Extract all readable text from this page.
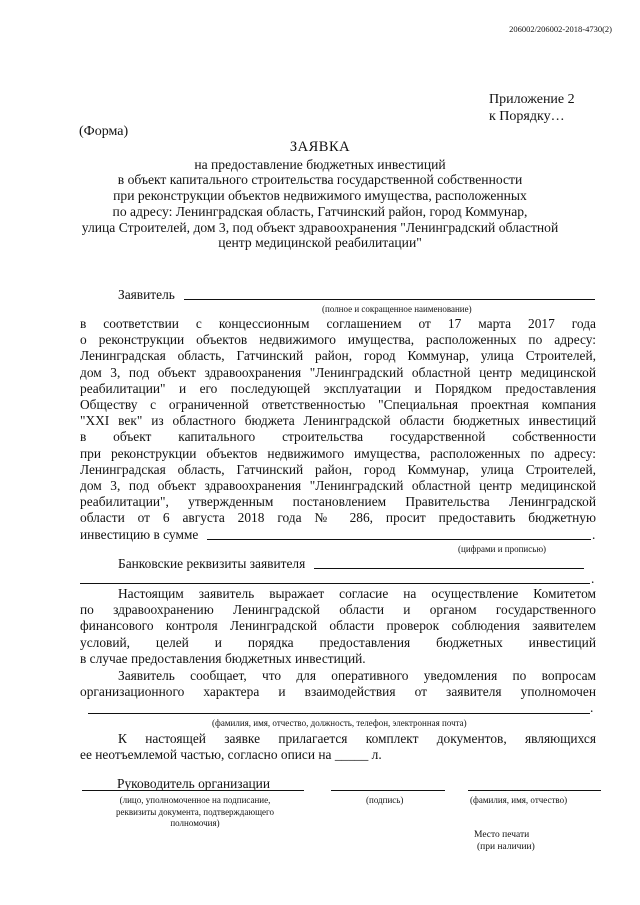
206002/206002-2018-4730(2)
Приложение 2
к Порядку…
(Форма)
ЗАЯВКА
на предоставление бюджетных инвестиций
в объект капитального строительства государственной собственности
при реконструкции объектов недвижимого имущества, расположенных
по адресу: Ленинградская область, Гатчинский район, город Коммунар,
улица Строителей, дом 3, под объект здравоохранения "Ленинградский областной
центр медицинской реабилитации"
Заявитель
(полное и сокращенное наименование)
в соответствии с концессионным соглашением от 17 марта 2017 года
о реконструкции объектов недвижимого имущества, расположенных по адресу:
Ленинградская область, Гатчинский район, город Коммунар, улица Строителей,
дом 3, под объект здравоохранения "Ленинградский областной центр медицинской
реабилитации" и его последующей эксплуатации и Порядком предоставления
Обществу с ограниченной ответственностью "Специальная проектная компания
"XXI век" из областного бюджета Ленинградской области бюджетных инвестиций
в объект капитального строительства государственной собственности
при реконструкции объектов недвижимого имущества, расположенных по адресу:
Ленинградская область, Гатчинский район, город Коммунар, улица Строителей,
дом 3, под объект здравоохранения "Ленинградский областной центр медицинской
реабилитации", утвержденным постановлением Правительства Ленинградской
области от 6 августа 2018 года № 286, просит предоставить бюджетную
инвестицию в сумме	.
(цифрами и прописью)
Банковские реквизиты заявителя
.
Настоящим заявитель выражает согласие на осуществление Комитетом
по здравоохранению Ленинградской области и органом государственного
финансового контроля Ленинградской области проверок соблюдения заявителем
условий, целей и порядка предоставления бюджетных инвестиций
в случае предоставления бюджетных инвестиций.
Заявитель сообщает, что для оперативного уведомления по вопросам
организационного характера и взаимодействия от заявителя уполномочен
.
(фамилия, имя, отчество, должность, телефон, электронная почта)
К настоящей заявке прилагается комплект документов, являющихся
ее неотъемлемой частью, согласно описи на _____ л.
Руководитель организации
(лицо, уполномоченное на подписание,
реквизиты документа, подтверждающего
полномочия)
(подпись)	(фамилия, имя, отчество)
Место печати
(при наличии)
